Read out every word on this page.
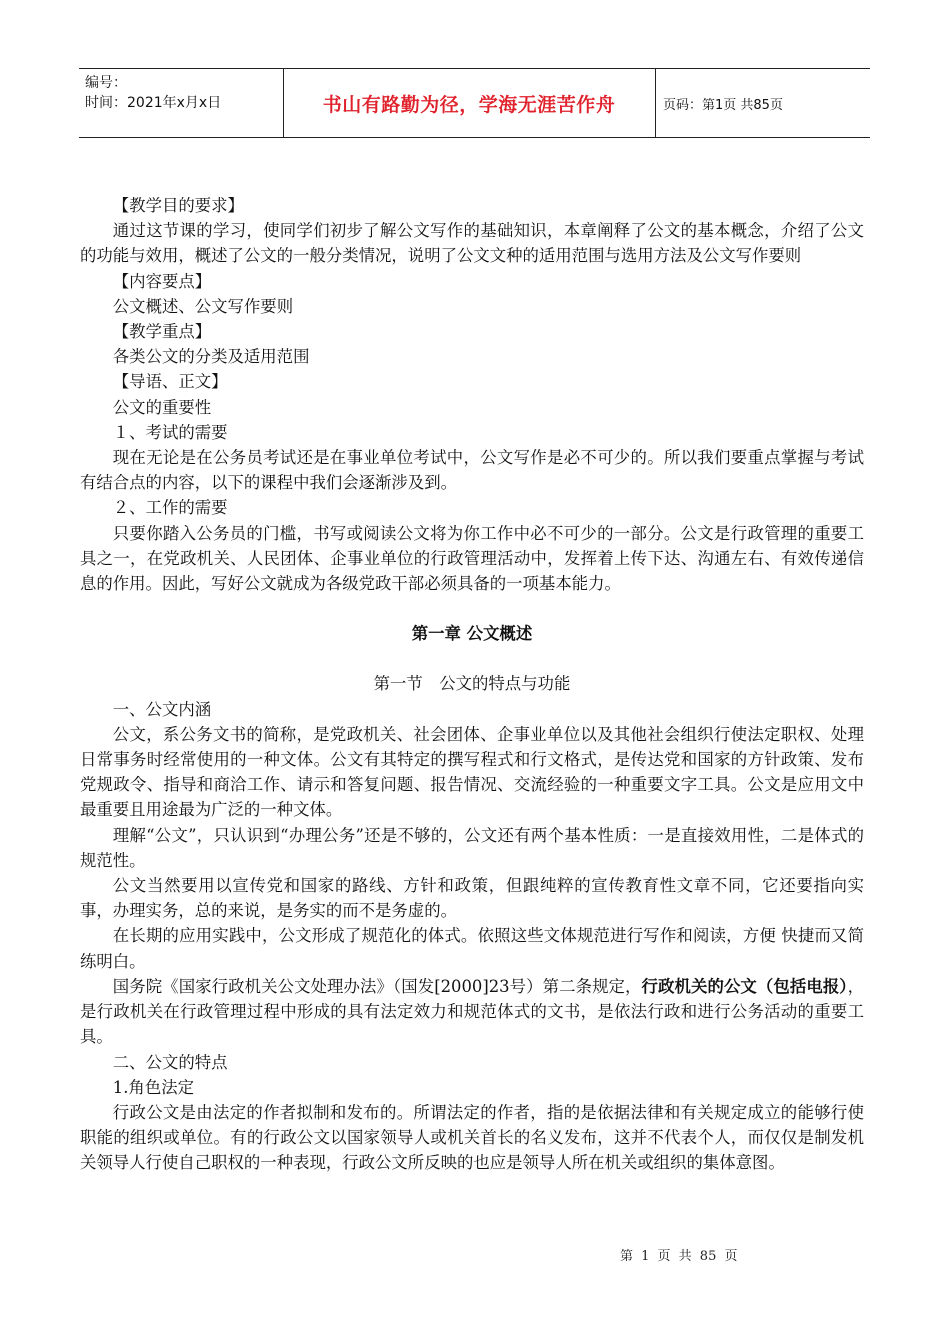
编号：
时间：2021年x月x日	书山有路勤为径，学海无涯苦作舟	页码：第1页 共85页

【教学目的要求】

通过这节课的学习，使同学们初步了解公文写作的基础知识，本章阐释了公文的基本概念，介绍了公文的功能与效用，概述了公文的一般分类情况，说明了公文文种的适用范围与选用方法及公文写作要则

【内容要点】

公文概述、公文写作要则

【教学重点】

各类公文的分类及适用范围

【导语、正文】

公文的重要性

１、考试的需要

现在无论是在公务员考试还是在事业单位考试中，公文写作是必不可少的。所以我们要重点掌握与考试有结合点的内容，以下的课程中我们会逐渐涉及到。

２、工作的需要

只要你踏入公务员的门槛，书写或阅读公文将为你工作中必不可少的一部分。公文是行政管理的重要工具之一，在党政机关、人民团体、企事业单位的行政管理活动中，发挥着上传下达、沟通左右、有效传递信息的作用。因此，写好公文就成为各级党政干部必须具备的一项基本能力。

第一章 公文概述
第一节　公文的特点与功能

一、公文内涵

公文，系公务文书的简称，是党政机关、社会团体、企事业单位以及其他社会组织行使法定职权、处理日常事务时经常使用的一种文体。公文有其特定的撰写程式和行文格式，是传达党和国家的方针政策、发布党规政令、指导和商洽工作、请示和答复问题、报告情况、交流经验的一种重要文字工具。公文是应用文中最重要且用途最为广泛的一种文体。

理解“公文”，只认识到“办理公务”还是不够的，公文还有两个基本性质：一是直接效用性，二是体式的规范性。

公文当然要用以宣传党和国家的路线、方针和政策，但跟纯粹的宣传教育性文章不同，它还要指向实事，办理实务，总的来说，是务实的而不是务虚的。

在长期的应用实践中，公文形成了规范化的体式。依照这些文体规范进行写作和阅读，方便 快捷而又简练明白。

国务院《国家行政机关公文处理办法》（国发[2000]23号）第二条规定，行政机关的公文（包括电报），是行政机关在行政管理过程中形成的具有法定效力和规范体式的文书，是依法行政和进行公务活动的重要工具。

二、公文的特点

1.角色法定

行政公文是由法定的作者拟制和发布的。所谓法定的作者，指的是依据法律和有关规定成立的能够行使职能的组织或单位。有的行政公文以国家领导人或机关首长的名义发布，这并不代表个人，而仅仅是制发机关领导人行使自己职权的一种表现，行政公文所反映的也应是领导人所在机关或组织的集体意图。

第 1 页 共 85 页
